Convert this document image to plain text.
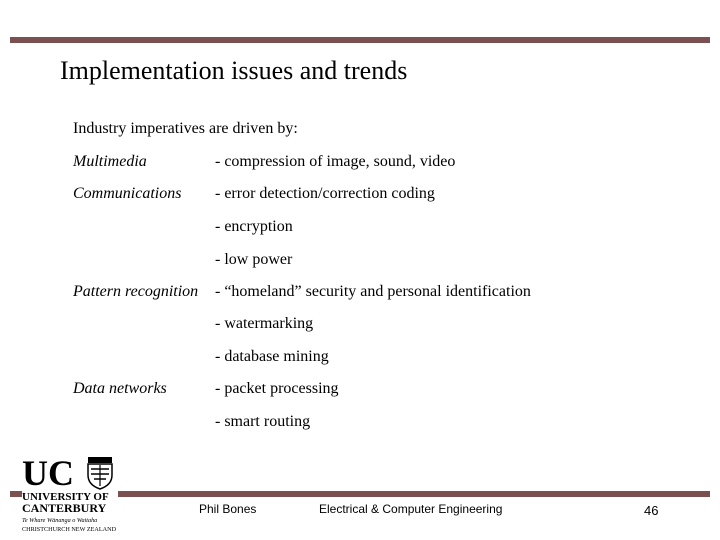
Implementation issues and trends
Industry imperatives are driven by:
Multimedia	- compression of image, sound, video
Communications - error detection/correction coding
- encryption
- low power
Pattern recognition - “homeland” security and personal identification
- watermarking
- database mining
Data networks	- packet processing
- smart routing
UC
UNIVERSITY OF
CANTERBURY
Te Whare Wānanga o Waitaha
CHRISTCHURCH NEW ZEALAND
Phil Bones	Electrical & Computer Engineering	46
